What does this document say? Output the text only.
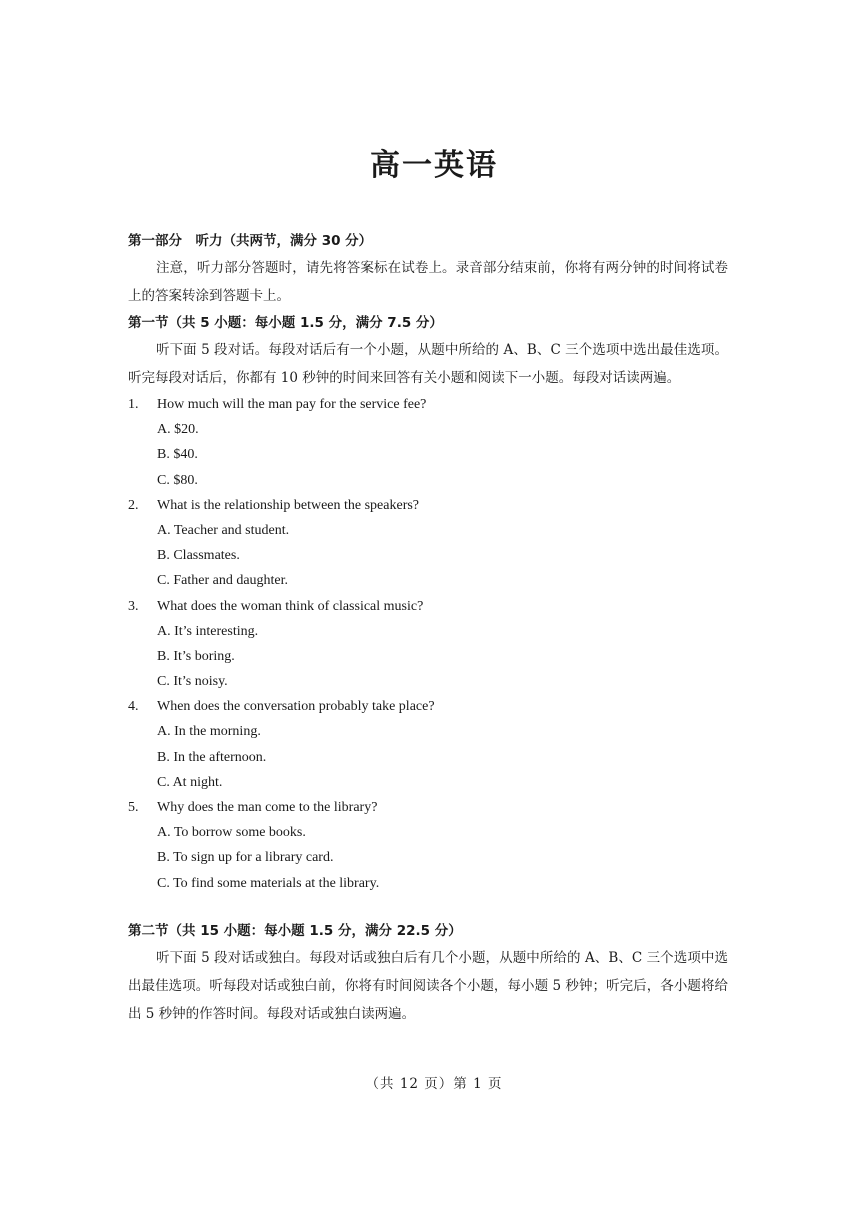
高一英语

第一部分　听力（共两节，满分 30 分）

注意，听力部分答题时，请先将答案标在试卷上。录音部分结束前，你将有两分钟的时间将试卷上的答案转涂到答题卡上。

第一节（共 5 小题：每小题 1.5 分，满分 7.5 分）

听下面 5 段对话。每段对话后有一个小题，从题中所给的 A、B、C 三个选项中选出最佳选项。听完每段对话后，你都有 10 秒钟的时间来回答有关小题和阅读下一小题。每段对话读两遍。

1.	How much will the man pay for the service fee?
A. $20.
B. $40.
C. $80.
2.	What is the relationship between the speakers?
A. Teacher and student.
B. Classmates.
C. Father and daughter.
3.	What does the woman think of classical music?
A. It’s interesting.
B. It’s boring.
C. It’s noisy.
4.	When does the conversation probably take place?
A. In the morning.
B. In the afternoon.
C. At night.
5.	Why does the man come to the library?
A. To borrow some books.
B. To sign up for a library card.
C. To find some materials at the library.

第二节（共 15 小题：每小题 1.5 分，满分 22.5 分）

听下面 5 段对话或独白。每段对话或独白后有几个小题，从题中所给的 A、B、C 三个选项中选出最佳选项。听每段对话或独白前，你将有时间阅读各个小题，每小题 5 秒钟；听完后，各小题将给出 5 秒钟的作答时间。每段对话或独白读两遍。

（共 12 页）第 1 页
